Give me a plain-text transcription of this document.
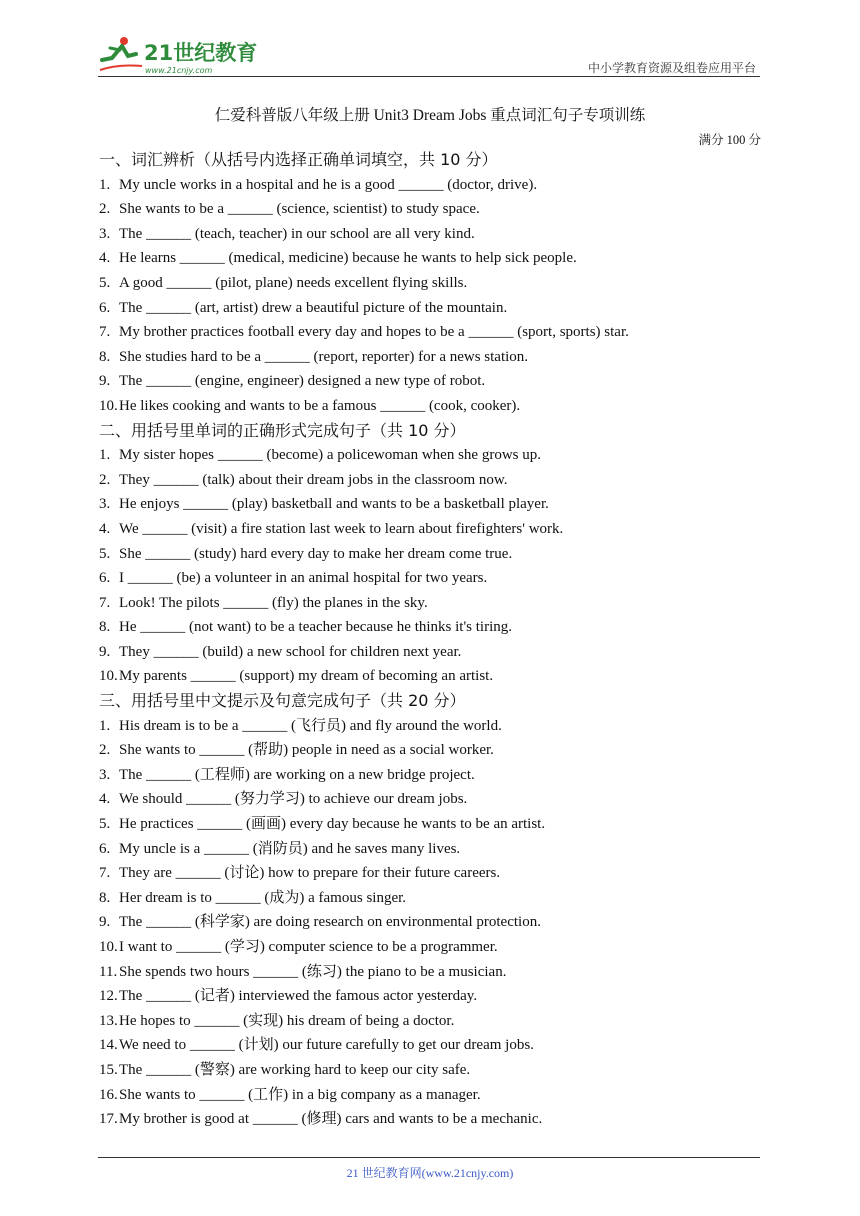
21世纪教育
www.21cnjy.com	中小学教育资源及组卷应用平台
仁爱科普版八年级上册 Unit3 Dream Jobs 重点词汇句子专项训练
满分 100 分
一、词汇辨析（从括号内选择正确单词填空，共 10 分）
1. My uncle works in a hospital and he is a good ______ (doctor, drive).
2. She wants to be a ______ (science, scientist) to study space.
3. The ______ (teach, teacher) in our school are all very kind.
4. He learns ______ (medical, medicine) because he wants to help sick people.
5. A good ______ (pilot, plane) needs excellent flying skills.
6. The ______ (art, artist) drew a beautiful picture of the mountain.
7. My brother practices football every day and hopes to be a ______ (sport, sports) star.
8. She studies hard to be a ______ (report, reporter) for a news station.
9. The ______ (engine, engineer) designed a new type of robot.
10. He likes cooking and wants to be a famous ______ (cook, cooker).
二、用括号里单词的正确形式完成句子（共 10 分）
1. My sister hopes ______ (become) a policewoman when she grows up.
2. They ______ (talk) about their dream jobs in the classroom now.
3. He enjoys ______ (play) basketball and wants to be a basketball player.
4. We ______ (visit) a fire station last week to learn about firefighters' work.
5. She ______ (study) hard every day to make her dream come true.
6. I ______ (be) a volunteer in an animal hospital for two years.
7. Look! The pilots ______ (fly) the planes in the sky.
8. He ______ (not want) to be a teacher because he thinks it's tiring.
9. They ______ (build) a new school for children next year.
10. My parents ______ (support) my dream of becoming an artist.
三、用括号里中文提示及句意完成句子（共 20 分）
1. His dream is to be a ______ (飞行员) and fly around the world.
2. She wants to ______ (帮助) people in need as a social worker.
3. The ______ (工程师) are working on a new bridge project.
4. We should ______ (努力学习) to achieve our dream jobs.
5. He practices ______ (画画) every day because he wants to be an artist.
6. My uncle is a ______ (消防员) and he saves many lives.
7. They are ______ (讨论) how to prepare for their future careers.
8. Her dream is to ______ (成为) a famous singer.
9. The ______ (科学家) are doing research on environmental protection.
10. I want to ______ (学习) computer science to be a programmer.
11. She spends two hours ______ (练习) the piano to be a musician.
12. The ______ (记者) interviewed the famous actor yesterday.
13. He hopes to ______ (实现) his dream of being a doctor.
14. We need to ______ (计划) our future carefully to get our dream jobs.
15. The ______ (警察) are working hard to keep our city safe.
16. She wants to ______ (工作) in a big company as a manager.
17. My brother is good at ______ (修理) cars and wants to be a mechanic.
21 世纪教育网(www.21cnjy.com)
